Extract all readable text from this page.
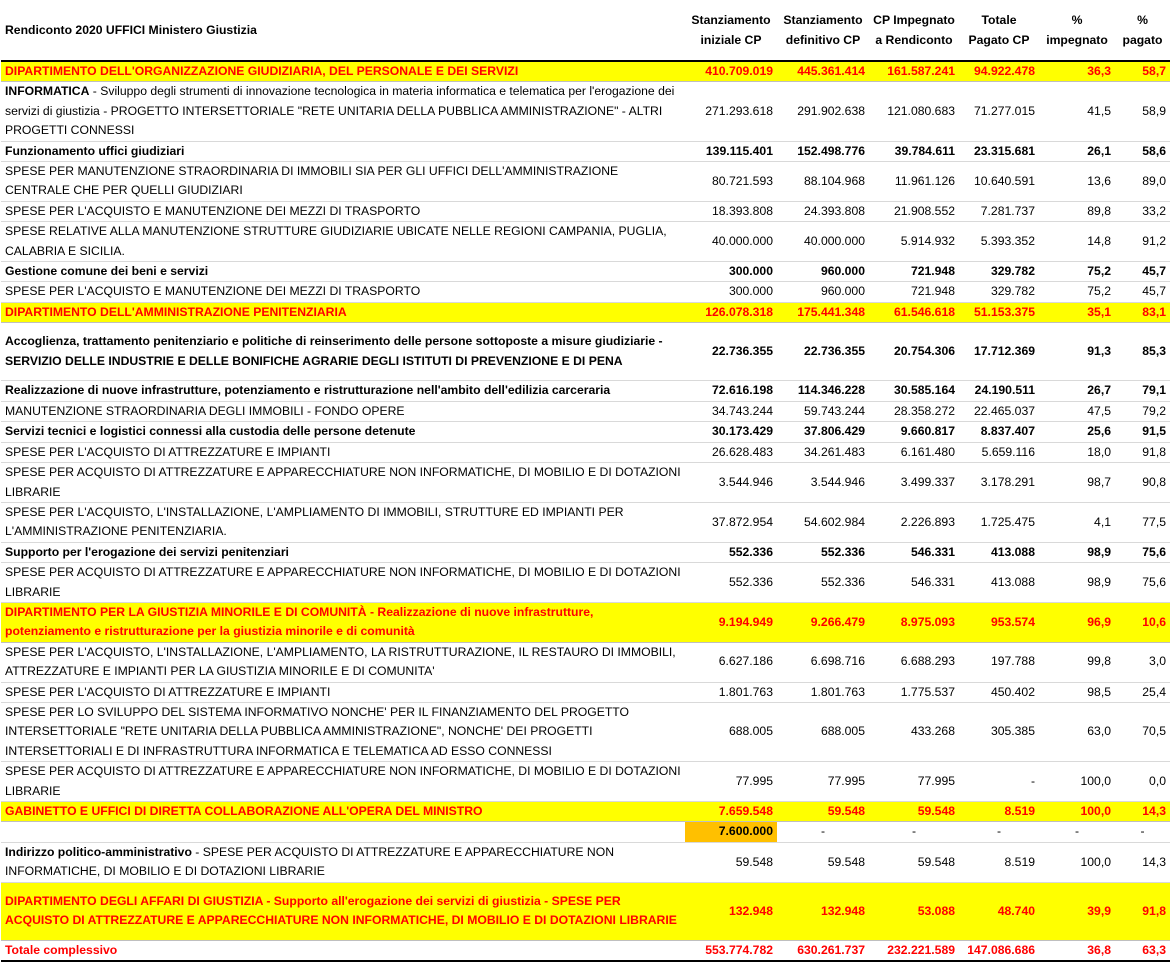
Rendiconto 2020 UFFICI Ministero Giustizia	Stanziamento iniziale CP	Stanziamento definitivo CP	CP Impegnato a Rendiconto	Totale Pagato CP	% impegnato	% pagato
DIPARTIMENTO DELL'ORGANIZZAZIONE GIUDIZIARIA, DEL PERSONALE E DEI SERVIZI	410.709.019	445.361.414	161.587.241	94.922.478	36,3	58,7
INFORMATICA - Sviluppo degli strumenti di innovazione tecnologica in materia informatica e telematica per l'erogazione dei servizi di giustizia - PROGETTO INTERSETTORIALE "RETE UNITARIA DELLA PUBBLICA AMMINISTRAZIONE" - ALTRI PROGETTI CONNESSI	271.293.618	291.902.638	121.080.683	71.277.015	41,5	58,9
Funzionamento uffici giudiziari	139.115.401	152.498.776	39.784.611	23.315.681	26,1	58,6
SPESE PER MANUTENZIONE STRAORDINARIA DI IMMOBILI SIA PER GLI UFFICI DELL'AMMINISTRAZIONE CENTRALE CHE PER QUELLI GIUDIZIARI	80.721.593	88.104.968	11.961.126	10.640.591	13,6	89,0
SPESE PER L'ACQUISTO E MANUTENZIONE DEI MEZZI DI TRASPORTO	18.393.808	24.393.808	21.908.552	7.281.737	89,8	33,2
SPESE RELATIVE ALLA MANUTENZIONE STRUTTURE GIUDIZIARIE UBICATE NELLE REGIONI CAMPANIA, PUGLIA, CALABRIA E SICILIA.	40.000.000	40.000.000	5.914.932	5.393.352	14,8	91,2
Gestione comune dei beni e servizi	300.000	960.000	721.948	329.782	75,2	45,7
SPESE PER L'ACQUISTO E MANUTENZIONE DEI MEZZI DI TRASPORTO	300.000	960.000	721.948	329.782	75,2	45,7
DIPARTIMENTO DELL'AMMINISTRAZIONE PENITENZIARIA	126.078.318	175.441.348	61.546.618	51.153.375	35,1	83,1
Accoglienza, trattamento penitenziario e politiche di reinserimento delle persone sottoposte a misure giudiziarie - SERVIZIO DELLE INDUSTRIE E DELLE BONIFICHE AGRARIE DEGLI ISTITUTI DI PREVENZIONE E DI PENA	22.736.355	22.736.355	20.754.306	17.712.369	91,3	85,3
Realizzazione di nuove infrastrutture, potenziamento e ristrutturazione nell'ambito dell'edilizia carceraria	72.616.198	114.346.228	30.585.164	24.190.511	26,7	79,1
MANUTENZIONE STRAORDINARIA DEGLI IMMOBILI - FONDO OPERE	34.743.244	59.743.244	28.358.272	22.465.037	47,5	79,2
Servizi tecnici e logistici connessi alla custodia delle persone detenute	30.173.429	37.806.429	9.660.817	8.837.407	25,6	91,5
SPESE PER L'ACQUISTO DI ATTREZZATURE E IMPIANTI	26.628.483	34.261.483	6.161.480	5.659.116	18,0	91,8
SPESE PER ACQUISTO DI ATTREZZATURE E APPARECCHIATURE NON INFORMATICHE, DI MOBILIO E DI DOTAZIONI LIBRARIE	3.544.946	3.544.946	3.499.337	3.178.291	98,7	90,8
SPESE PER L'ACQUISTO, L'INSTALLAZIONE, L'AMPLIAMENTO DI IMMOBILI, STRUTTURE ED IMPIANTI PER L'AMMINISTRAZIONE PENITENZIARIA.	37.872.954	54.602.984	2.226.893	1.725.475	4,1	77,5
Supporto per l'erogazione dei servizi penitenziari	552.336	552.336	546.331	413.088	98,9	75,6
SPESE PER ACQUISTO DI ATTREZZATURE E APPARECCHIATURE NON INFORMATICHE, DI MOBILIO E DI DOTAZIONI LIBRARIE	552.336	552.336	546.331	413.088	98,9	75,6
DIPARTIMENTO PER LA GIUSTIZIA MINORILE E DI COMUNITÀ - Realizzazione di nuove infrastrutture, potenziamento e ristrutturazione per la giustizia minorile e di comunità	9.194.949	9.266.479	8.975.093	953.574	96,9	10,6
SPESE PER L'ACQUISTO, L'INSTALLAZIONE, L'AMPLIAMENTO, LA RISTRUTTURAZIONE, IL RESTAURO DI IMMOBILI, ATTREZZATURE E IMPIANTI PER LA GIUSTIZIA MINORILE E DI COMUNITA'	6.627.186	6.698.716	6.688.293	197.788	99,8	3,0
SPESE PER L'ACQUISTO DI ATTREZZATURE E IMPIANTI	1.801.763	1.801.763	1.775.537	450.402	98,5	25,4
SPESE PER LO SVILUPPO DEL SISTEMA INFORMATIVO NONCHE' PER IL FINANZIAMENTO DEL PROGETTO INTERSETTORIALE "RETE UNITARIA DELLA PUBBLICA AMMINISTRAZIONE", NONCHE' DEI PROGETTI INTERSETTORIALI E DI INFRASTRUTTURA INFORMATICA E TELEMATICA AD ESSO CONNESSI	688.005	688.005	433.268	305.385	63,0	70,5
SPESE PER ACQUISTO DI ATTREZZATURE E APPARECCHIATURE NON INFORMATICHE, DI MOBILIO E DI DOTAZIONI LIBRARIE	77.995	77.995	77.995	-	100,0	0,0
GABINETTO E UFFICI DI DIRETTA COLLABORAZIONE ALL'OPERA DEL MINISTRO	7.659.548	59.548	59.548	8.519	100,0	14,3
	7.600.000	-	-	-	-	-
Indirizzo politico-amministrativo - SPESE PER ACQUISTO DI ATTREZZATURE E APPARECCHIATURE NON INFORMATICHE, DI MOBILIO E DI DOTAZIONI LIBRARIE	59.548	59.548	59.548	8.519	100,0	14,3
DIPARTIMENTO DEGLI AFFARI DI GIUSTIZIA - Supporto all'erogazione dei servizi di giustizia - SPESE PER ACQUISTO DI ATTREZZATURE E APPARECCHIATURE NON INFORMATICHE, DI MOBILIO E DI DOTAZIONI LIBRARIE	132.948	132.948	53.088	48.740	39,9	91,8
Totale complessivo	553.774.782	630.261.737	232.221.589	147.086.686	36,8	63,3
